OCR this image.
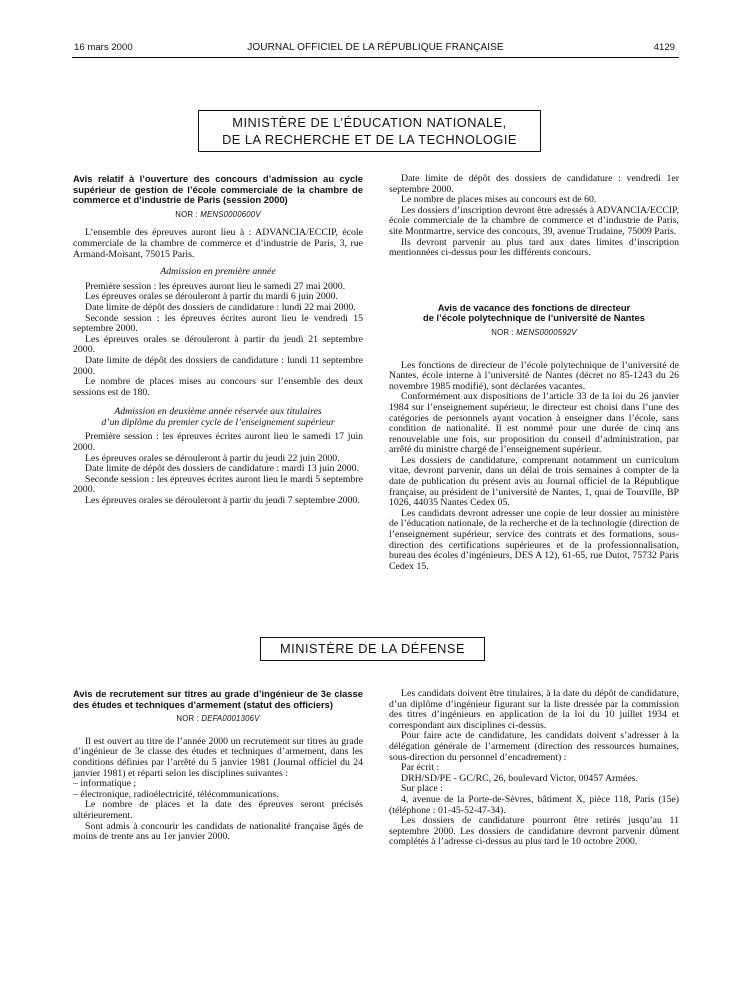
16 mars 2000	JOURNAL OFFICIEL DE LA RÉPUBLIQUE FRANÇAISE	4129
MINISTÈRE DE L’ÉDUCATION NATIONALE,
DE LA RECHERCHE ET DE LA TECHNOLOGIE
Avis relatif à l’ouverture des concours d’admission au cycle supérieur de gestion de l’école commerciale de la chambre de commerce et d’industrie de Paris (session 2000)
NOR : MENS0000600V

L’ensemble des épreuves auront lieu à : ADVANCIA/ECCIP, école commerciale de la chambre de commerce et d’industrie de Paris, 3, rue Armand-Moisant, 75015 Paris.

Admission en première année

Première session : les épreuves auront lieu le samedi 27 mai 2000.

Les épreuves orales se dérouleront à partir du mardi 6 juin 2000.

Date limite de dépôt des dossiers de candidature : lundi 22 mai 2000.

Seconde session : les épreuves écrites auront lieu le vendredi 15 septembre 2000.

Les épreuves orales se dérouleront à partir du jeudi 21 septembre 2000.

Date limite de dépôt des dossiers de candidature : lundi 11 septembre 2000.

Le nombre de places mises au concours sur l’ensemble des deux sessions est de 180.

Admission en deuxième année réservée aux titulaires
d’un diplôme du premier cycle de l’enseignement supérieur

Première session : les épreuves écrites auront lieu le samedi 17 juin 2000.

Les épreuves orales se dérouleront à partir du jeudi 22 juin 2000.

Date limite de dépôt des dossiers de candidature : mardi 13 juin 2000.

Seconde session : les épreuves écrites auront lieu le mardi 5 septembre 2000.

Les épreuves orales se dérouleront à partir du jeudi 7 septembre 2000.

Date limite de dépôt des dossiers de candidature : vendredi 1er septembre 2000.

Le nombre de places mises au concours est de 60.

Les dossiers d’inscription devront être adressés à ADVANCIA/ECCIP, école commerciale de la chambre de commerce et d’industrie de Paris, site Montmartre, service des concours, 39, avenue Trudaine, 75009 Paris.

Ils devront parvenir au plus tard aux dates limites d’inscription mentionnées ci-dessus pour les différents concours.

Avis de vacance des fonctions de directeur
de l’école polytechnique de l’université de Nantes
NOR : MENS0000592V

Les fonctions de directeur de l’école polytechnique de l’université de Nantes, école interne à l’université de Nantes (décret no 85-1243 du 26 novembre 1985 modifié), sont déclarées vacantes.

Conformément aux dispositions de l’article 33 de la loi du 26 janvier 1984 sur l’enseignement supérieur, le directeur est choisi dans l’une des catégories de personnels ayant vocation à enseigner dans l’école, sans condition de nationalité. Il est nommé pour une durée de cinq ans renouvelable une fois, sur proposition du conseil d’administration, par arrêté du ministre chargé de l’enseignement supérieur.

Les dossiers de candidature, comprenant notamment un curriculum vitae, devront parvenir, dans un délai de trois semaines à compter de la date de publication du présent avis au Journal officiel de la République française, au président de l’université de Nantes, 1, quai de Tourville, BP 1026, 44035 Nantes Cedex 05.

Les candidats devront adresser une copie de leur dossier au ministère de l’éducation nationale, de la recherche et de la technologie (direction de l’enseignement supérieur, service des contrats et des formations, sous-direction des certifications supérieures et de la professionnalisation, bureau des écoles d’ingénieurs, DES A 12), 61-65, rue Dutot, 75732 Paris Cedex 15.

MINISTÈRE DE LA DÉFENSE
Avis de recrutement sur titres au grade d’ingénieur de 3e classe des études et techniques d’armement (statut des officiers)
NOR : DEFA0001306V

Il est ouvert au titre de l’année 2000 un recrutement sur titres au grade d’ingénieur de 3e classe des études et techniques d’armement, dans les conditions définies par l’arrêté du 5 janvier 1981 (Journal officiel du 24 janvier 1981) et réparti selon les disciplines suivantes :

– informatique ;

– électronique, radioélectricité, télécommunications.

Le nombre de places et la date des épreuves seront précisés ultérieurement.

Sont admis à concourir les candidats de nationalité française âgés de moins de trente ans au 1er janvier 2000.

Les candidats doivent être titulaires, à la date du dépôt de candidature, d’un diplôme d’ingénieur figurant sur la liste dressée par la commission des titres d’ingénieurs en application de la loi du 10 juillet 1934 et correspondant aux disciplines ci-dessus.

Pour faire acte de candidature, les candidats doivent s’adresser à la délégation générale de l’armement (direction des ressources humaines, sous-direction du personnel d’encadrement) :

Par écrit :

DRH/SD/PE - GC/RC, 26, boulevard Victor, 00457 Armées.

Sur place :

4, avenue de la Porte-de-Sèvres, bâtiment X, pièce 118, Paris (15e) (téléphone : 01-45-52-47-34).

Les dossiers de candidature pourront être retirés jusqu’au 11 septembre 2000. Les dossiers de candidature devront parvenir dûment complétés à l’adresse ci-dessus au plus tard le 10 octobre 2000.
